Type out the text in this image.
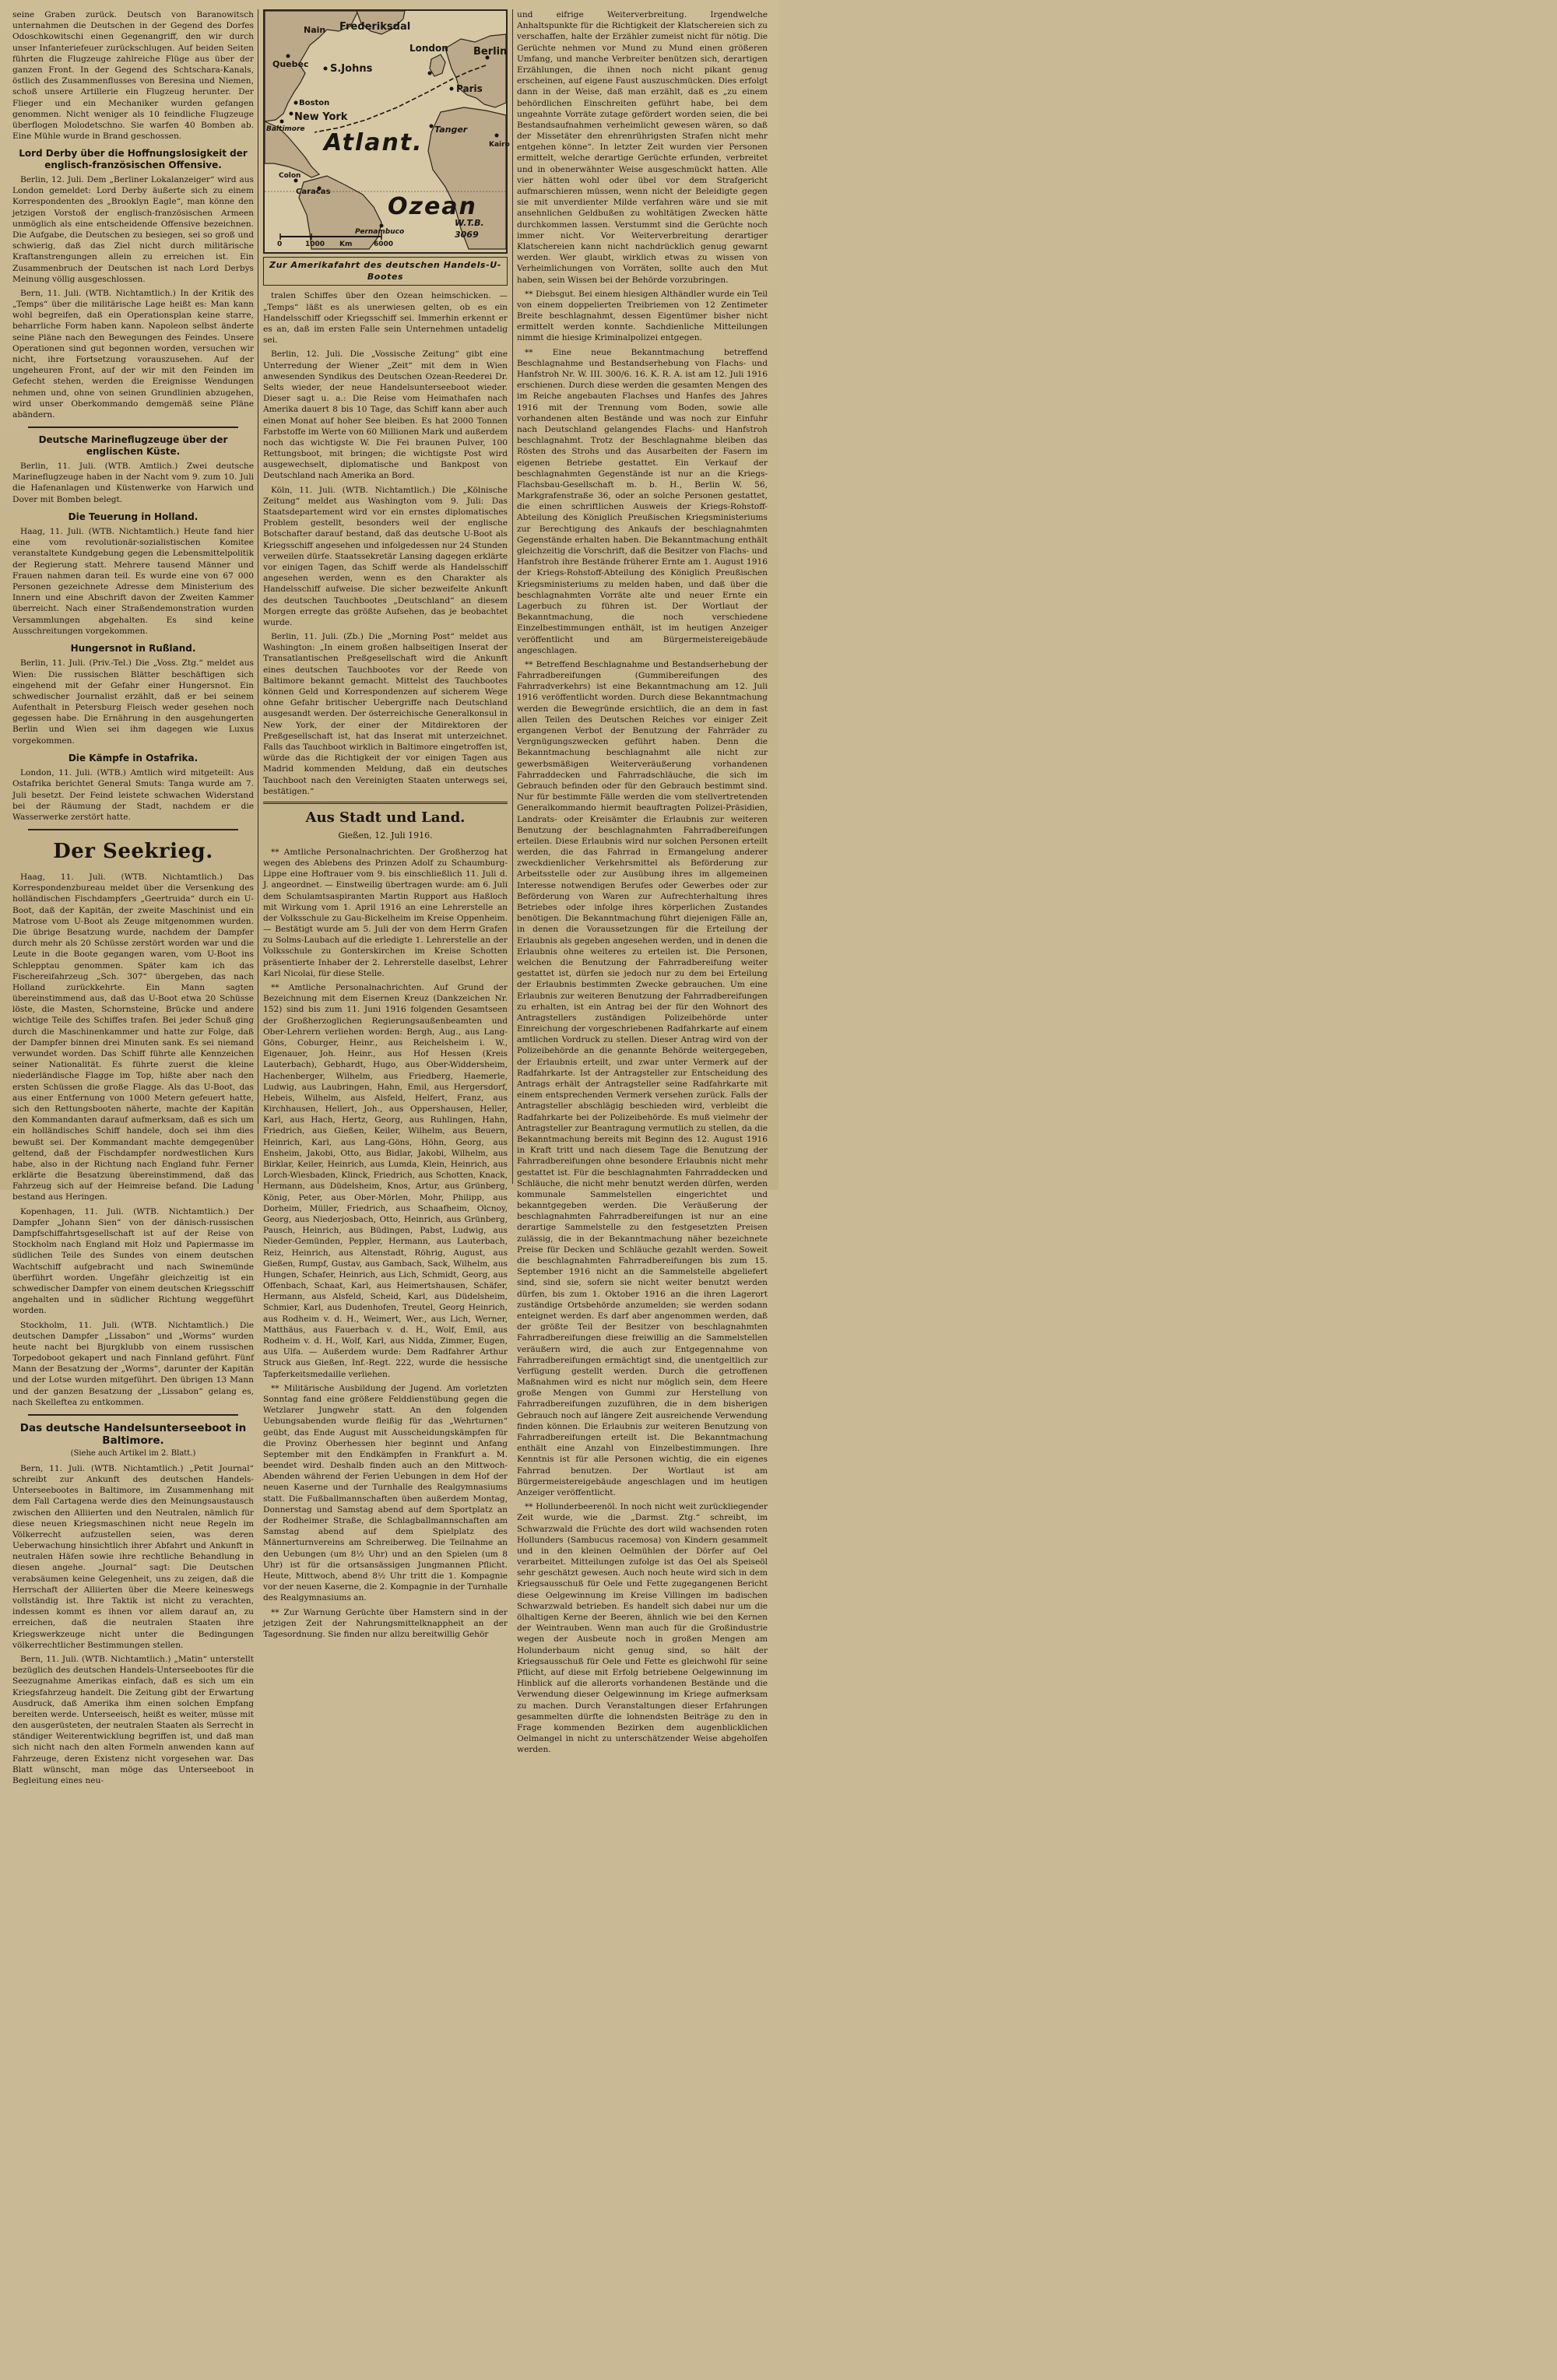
seine Graben zurück. Deutsch von Baranowitsch unternahmen die Deutschen in der Gegend des Dorfes Odoschkowitschi einen Gegenangriff, den wir durch unser Infanteriefeuer zurückschlugen. Auf beiden Seiten führten die Flugzeuge zahlreiche Flüge aus über der ganzen Front. In der Gegend des Schtschara-Kanals, östlich des Zusammenflusses von Beresina und Niemen, schoß unsere Artillerie ein Flugzeug herunter. Der Flieger und ein Mechaniker wurden gefangen genommen. Nicht weniger als 10 feindliche Flugzeuge überflogen Molodetschno. Sie warfen 40 Bomben ab. Eine Mühle wurde in Brand geschossen.

Lord Derby über die Hoffnungslosigkeit der englisch-französischen Offensive.

Berlin, 12. Juli. Dem „Berliner Lokalanzeiger“ wird aus London gemeldet: Lord Derby äußerte sich zu einem Korrespondenten des „Brooklyn Eagle“, man könne den jetzigen Vorstoß der englisch-französischen Armeen unmöglich als eine entscheidende Offensive bezeichnen. Die Aufgabe, die Deutschen zu besiegen, sei so groß und schwierig, daß das Ziel nicht durch militärische Kraftanstrengungen allein zu erreichen ist. Ein Zusammenbruch der Deutschen ist nach Lord Derbys Meinung völlig ausgeschlossen.

Bern, 11. Juli. (WTB. Nichtamtlich.) In der Kritik des „Temps“ über die militärische Lage heißt es: Man kann wohl begreifen, daß ein Operationsplan keine starre, beharrliche Form haben kann. Napoleon selbst änderte seine Pläne nach den Bewegungen des Feindes. Unsere Operationen sind gut begonnen worden, versuchen wir nicht, ihre Fortsetzung vorauszusehen. Auf der ungeheuren Front, auf der wir mit den Feinden im Gefecht stehen, werden die Ereignisse Wendungen nehmen und, ohne von seinen Grundlinien abzugehen, wird unser Oberkommando demgemäß seine Pläne abändern.

Deutsche Marineflugzeuge über der englischen Küste.

Berlin, 11. Juli. (WTB. Amtlich.) Zwei deutsche Marineflugzeuge haben in der Nacht vom 9. zum 10. Juli die Hafenanlagen und Küstenwerke von Harwich und Dover mit Bomben belegt.

Die Teuerung in Holland.

Haag, 11. Juli. (WTB. Nichtamtlich.) Heute fand hier eine vom revolutionär-sozialistischen Komitee veranstaltete Kundgebung gegen die Lebensmittelpolitik der Regierung statt. Mehrere tausend Männer und Frauen nahmen daran teil. Es wurde eine von 67 000 Personen gezeichnete Adresse dem Ministerium des Innern und eine Abschrift davon der Zweiten Kammer überreicht. Nach einer Straßendemonstration wurden Versammlungen abgehalten. Es sind keine Ausschreitungen vorgekommen.

Hungersnot in Rußland.

Berlin, 11. Juli. (Priv.-Tel.) Die „Voss. Ztg.“ meldet aus Wien: Die russischen Blätter beschäftigen sich eingehend mit der Gefahr einer Hungersnot. Ein schwedischer Journalist erzählt, daß er bei seinem Aufenthalt in Petersburg Fleisch weder gesehen noch gegessen habe. Die Ernährung in den ausgehungerten Berlin und Wien sei ihm dagegen wie Luxus vorgekommen.

Die Kämpfe in Ostafrika.

London, 11. Juli. (WTB.) Amtlich wird mitgeteilt: Aus Ostafrika berichtet General Smuts: Tanga wurde am 7. Juli besetzt. Der Feind leistete schwachen Widerstand bei der Räumung der Stadt, nachdem er die Wasserwerke zerstört hatte.

Der Seekrieg.

Haag, 11. Juli. (WTB. Nichtamtlich.) Das Korrespondenzbureau meldet über die Versenkung des holländischen Fischdampfers „Geertruida“ durch ein U-Boot, daß der Kapitän, der zweite Maschinist und ein Matrose vom U-Boot als Zeuge mitgenommen wurden. Die übrige Besatzung wurde, nachdem der Dampfer durch mehr als 20 Schüsse zerstört worden war und die Leute in die Boote gegangen waren, vom U-Boot ins Schlepptau genommen. Später kam ich das Fischereifahrzeug „Sch. 307“ übergeben, das nach Holland zurückkehrte. Ein Mann sagten übereinstimmend aus, daß das U-Boot etwa 20 Schüsse löste, die Masten, Schornsteine, Brücke und andere wichtige Teile des Schiffes trafen. Bei jeder Schuß ging durch die Maschinenkammer und hatte zur Folge, daß der Dampfer binnen drei Minuten sank. Es sei niemand verwundet worden. Das Schiff führte alle Kennzeichen seiner Nationalität. Es führte zuerst die kleine niederländische Flagge im Top, hißte aber nach den ersten Schüssen die große Flagge. Als das U-Boot, das aus einer Entfernung von 1000 Metern gefeuert hatte, sich den Rettungsbooten näherte, machte der Kapitän den Kommandanten darauf aufmerksam, daß es sich um ein holländisches Schiff handele, doch sei ihm dies bewußt sei. Der Kommandant machte demgegenüber geltend, daß der Fischdampfer nordwestlichen Kurs habe, also in der Richtung nach England fuhr. Ferner erklärte die Besatzung übereinstimmend, daß das Fahrzeug sich auf der Heimreise befand. Die Ladung bestand aus Heringen.

Kopenhagen, 11. Juli. (WTB. Nichtamtlich.) Der Dampfer „Johann Sien“ von der dänisch-russischen Dampfschiffahrtsgesellschaft ist auf der Reise von Stockholm nach England mit Holz und Papiermasse im südlichen Teile des Sundes von einem deutschen Wachtschiff aufgebracht und nach Swinemünde überführt worden. Ungefähr gleichzeitig ist ein schwedischer Dampfer von einem deutschen Kriegsschiff angehalten und in südlicher Richtung weggeführt worden.

Stockholm, 11. Juli. (WTB. Nichtamtlich.) Die deutschen Dampfer „Lissabon“ und „Worms“ wurden heute nacht bei Bjurgklubb von einem russischen Torpedoboot gekapert und nach Finnland geführt. Fünf Mann der Besatzung der „Worms“, darunter der Kapitän und der Lotse wurden mitgeführt. Den übrigen 13 Mann und der ganzen Besatzung der „Lissabon“ gelang es, nach Skelleftea zu entkommen.

Das deutsche Handelsunterseeboot in Baltimore.
(Siehe auch Artikel im 2. Blatt.)

Bern, 11. Juli. (WTB. Nichtamtlich.) „Petit Journal“ schreibt zur Ankunft des deutschen Handels-Unterseebootes in Baltimore, im Zusammenhang mit dem Fall Cartagena werde dies den Meinungsaustausch zwischen den Alliierten und den Neutralen, nämlich für diese neuen Kriegsmaschinen nicht neue Regeln im Völkerrecht aufzustellen seien, was deren Ueberwachung hinsichtlich ihrer Abfahrt und Ankunft in neutralen Häfen sowie ihre rechtliche Behandlung in diesen angehe. „Journal“ sagt: Die Deutschen verabsäumen keine Gelegenheit, uns zu zeigen, daß die Herrschaft der Alliierten über die Meere keineswegs vollständig ist. Ihre Taktik ist nicht zu verachten, indessen kommt es ihnen vor allem darauf an, zu erreichen, daß die neutralen Staaten ihre Kriegswerkzeuge nicht unter die Bedingungen völkerrechtlicher Bestimmungen stellen.

Bern, 11. Juli. (WTB. Nichtamtlich.) „Matin“ unterstellt bezüglich des deutschen Handels-Unterseebootes für die Seezugnahme Amerikas einfach, daß es sich um ein Kriegsfahrzeug handelt. Die Zeitung gibt der Erwartung Ausdruck, daß Amerika ihm einen solchen Empfang bereiten werde. Unterseeisch, heißt es weiter, müsse mit den ausgerüsteten, der neutralen Staaten als Serrecht in ständiger Weiterentwicklung begriffen ist, und daß man sich nicht nach den alten Formeln anwenden kann auf Fahrzeuge, deren Existenz nicht vorgesehen war. Das Blatt wünscht, man möge das Unterseeboot in Begleitung eines neu-

Nain Frederiksdal
Quebec S.Johns
London Berlin
Paris
Boston
New York
Baltimore Atlant. Tanger
Kairo
Colon
Caracas
Ozean
Pernambuco
0	1000 Km	6000
W.T.B. 3069
Zur Amerikafahrt des deutschen Handels-U-Bootes

tralen Schiffes über den Ozean heimschicken. — „Temps“ läßt es als unerwiesen gelten, ob es ein Handelsschiff oder Kriegsschiff sei. Immerhin erkennt er es an, daß im ersten Falle sein Unternehmen untadelig sei.

Berlin, 12. Juli. Die „Vossische Zeitung“ gibt eine Unterredung der Wiener „Zeit“ mit dem in Wien anwesenden Syndikus des Deutschen Ozean-Reederei Dr. Selts wieder, der neue Handelsunterseeboot wieder. Dieser sagt u. a.: Die Reise vom Heimathafen nach Amerika dauert 8 bis 10 Tage, das Schiff kann aber auch einen Monat auf hoher See bleiben. Es hat 2000 Tonnen Farbstoffe im Werte von 60 Millionen Mark und außerdem noch das wichtigste W. Die Fei braunen Pulver, 100 Rettungsboot, mit bringen; die wichtigste Post wird ausgewechselt, diplomatische und Bankpost von Deutschland nach Amerika an Bord.

Köln, 11. Juli. (WTB. Nichtamtlich.) Die „Kölnische Zeitung“ meldet aus Washington vom 9. Juli: Das Staatsdepartement wird vor ein ernstes diplomatisches Problem gestellt, besonders weil der englische Botschafter darauf bestand, daß das deutsche U-Boot als Kriegsschiff angesehen und infolgedessen nur 24 Stunden verweilen dürfe. Staatssekretär Lansing dagegen erklärte vor einigen Tagen, das Schiff werde als Handelsschiff angesehen werden, wenn es den Charakter als Handelsschiff aufweise. Die sicher bezweifelte Ankunft des deutschen Tauchbootes „Deutschland“ an diesem Morgen erregte das größte Aufsehen, das je beobachtet wurde.

Berlin, 11. Juli. (Zb.) Die „Morning Post“ meldet aus Washington: „In einem großen halbseitigen Inserat der Transatlantischen Preßgesellschaft wird die Ankunft eines deutschen Tauchbootes vor der Reede von Baltimore bekannt gemacht. Mittelst des Tauchbootes können Geld und Korrespondenzen auf sicherem Wege ohne Gefahr britischer Uebergriffe nach Deutschland ausgesandt werden. Der österreichische Generalkonsul in New York, der einer der Mitdirektoren der Preßgesellschaft ist, hat das Inserat mit unterzeichnet. Falls das Tauchboot wirklich in Baltimore eingetroffen ist, würde das die Richtigkeit der vor einigen Tagen aus Madrid kommenden Meldung, daß ein deutsches Tauchboot nach den Vereinigten Staaten unterwegs sei, bestätigen.“

Aus Stadt und Land.
Gießen, 12. Juli 1916.

** Amtliche Personalnachrichten. Der Großherzog hat wegen des Ablebens des Prinzen Adolf zu Schaumburg-Lippe eine Hoftrauer vom 9. bis einschließlich 11. Juli d. J. angeordnet. — Einstweilig übertragen wurde: am 6. Juli dem Schulamtsaspiranten Martin Rupport aus Haßloch mit Wirkung vom 1. April 1916 an eine Lehrerstelle an der Volksschule zu Gau-Bickelheim im Kreise Oppenheim. — Bestätigt wurde am 5. Juli der von dem Herrn Grafen zu Solms-Laubach auf die erledigte 1. Lehrerstelle an der Volksschule zu Gonterskirchen im Kreise Schotten präsentierte Inhaber der 2. Lehrerstelle daselbst, Lehrer Karl Nicolai, für diese Stelle.

** Amtliche Personalnachrichten. Auf Grund der Bezeichnung mit dem Eisernen Kreuz (Dankzeichen Nr. 152) sind bis zum 11. Juni 1916 folgenden Gesamtseen der Großherzoglichen Regierungsaußenbeamten und Ober-Lehrern verliehen worden: Bergh, Aug., aus Lang-Göns, Coburger, Heinr., aus Reichelsheim i. W., Eigenauer, Joh. Heinr., aus Hof Hessen (Kreis Lauterbach), Gebhardt, Hugo, aus Ober-Widdersheim, Hachenberger, Wilhelm, aus Friedberg, Haemerle, Ludwig, aus Laubringen, Hahn, Emil, aus Hergersdorf, Hebeis, Wilhelm, aus Alsfeld, Helfert, Franz, aus Kirchhausen, Hellert, Joh., aus Oppershausen, Heller, Karl, aus Hach, Hertz, Georg, aus Ruhlingen, Hahn, Friedrich, aus Gießen, Keiler, Wilhelm, aus Beuern, Heinrich, Karl, aus Lang-Göns, Höhn, Georg, aus Ensheim, Jakobi, Otto, aus Bidlar, Jakobi, Wilhelm, aus Birklar, Keiler, Heinrich, aus Lumda, Klein, Heinrich, aus Lorch-Wiesbaden, Klinck, Friedrich, aus Schotten, Knack, Hermann, aus Düdelsheim, Knos, Artur, aus Grünberg, König, Peter, aus Ober-Mörlen, Mohr, Philipp, aus Dorheim, Müller, Friedrich, aus Schaafheim, Olcnoy, Georg, aus Niederjosbach, Otto, Heinrich, aus Grünberg, Pausch, Heinrich, aus Büdingen, Pabst, Ludwig, aus Nieder-Gemünden, Peppler, Hermann, aus Lauterbach, Reiz, Heinrich, aus Altenstadt, Röhrig, August, aus Gießen, Rumpf, Gustav, aus Gambach, Sack, Wilhelm, aus Hungen, Schafer, Heinrich, aus Lich, Schmidt, Georg, aus Offenbach, Schaat, Karl, aus Heimertshausen, Schäfer, Hermann, aus Alsfeld, Scheid, Karl, aus Düdelsheim, Schmier, Karl, aus Dudenhofen, Treutel, Georg Heinrich, aus Rodheim v. d. H., Weimert, Wer., aus Lich, Werner, Matthäus, aus Fauerbach v. d. H., Wolf, Emil, aus Rodheim v. d. H., Wolf, Karl, aus Nidda, Zimmer, Eugen, aus Ulfa. — Außerdem wurde: Dem Radfahrer Arthur Struck aus Gießen, Inf.-Regt. 222, wurde die hessische Tapferkeitsmedaille verliehen.

** Militärische Ausbildung der Jugend. Am vorletzten Sonntag fand eine größere Felddienstübung gegen die Wetzlarer Jungwehr statt. An den folgenden Uebungsabenden wurde fleißig für das „Wehrturnen“ geübt, das Ende August mit Ausscheidungskämpfen für die Provinz Oberhessen hier beginnt und Anfang September mit den Endkämpfen in Frankfurt a. M. beendet wird. Deshalb finden auch an den Mittwoch-Abenden während der Ferien Uebungen in dem Hof der neuen Kaserne und der Turnhalle des Realgymnasiums statt. Die Fußballmannschaften üben außerdem Montag, Donnerstag und Samstag abend auf dem Sportplatz an der Rodheimer Straße, die Schlagballmannschaften am Samstag abend auf dem Spielplatz des Männerturnvereins am Schreiberweg. Die Teilnahme an den Uebungen (um 8½ Uhr) und an den Spielen (um 8 Uhr) ist für die ortsansässigen Jungmannen Pflicht. Heute, Mittwoch, abend 8½ Uhr tritt die 1. Kompagnie vor der neuen Kaserne, die 2. Kompagnie in der Turnhalle des Realgymnasiums an.

** Zur Warnung Gerüchte über Hamstern sind in der jetzigen Zeit der Nahrungsmittelknappheit an der Tagesordnung. Sie finden nur allzu bereitwillig Gehör

und eifrige Weiterverbreitung. Irgendwelche Anhaltspunkte für die Richtigkeit der Klatschereien sich zu verschaffen, halte der Erzähler zumeist nicht für nötig. Die Gerüchte nehmen vor Mund zu Mund einen größeren Umfang, und manche Verbreiter benützen sich, derartigen Erzählungen, die ihnen noch nicht pikant genug erscheinen, auf eigene Faust auszuschmücken. Dies erfolgt dann in der Weise, daß man erzählt, daß es „zu einem behördlichen Einschreiten geführt habe, bei dem ungeahnte Vorräte zutage gefördert worden seien, die bei Bestandsaufnahmen verheimlicht gewesen wären, so daß der Missetäter den ehrenrührigsten Strafen nicht mehr entgehen könne“. In letzter Zeit wurden vier Personen ermittelt, welche derartige Gerüchte erfunden, verbreitet und in obenerwähnter Weise ausgeschmückt hatten. Alle vier hätten wohl oder übel vor dem Strafgericht aufmarschieren müssen, wenn nicht der Beleidigte gegen sie mit unverdienter Milde verfahren wäre und sie mit ansehnlichen Geldbußen zu wohltätigen Zwecken hätte durchkommen lassen. Verstummt sind die Gerüchte noch immer nicht. Vor Weiterverbreitung derartiger Klatschereien kann nicht nachdrücklich genug gewarnt werden. Wer glaubt, wirklich etwas zu wissen von Verheimlichungen von Vorräten, sollte auch den Mut haben, sein Wissen bei der Behörde vorzubringen.

** Diebsgut. Bei einem hiesigen Althändler wurde ein Teil von einem doppelierten Treibriemen von 12 Zentimeter Breite beschlagnahmt, dessen Eigentümer bisher nicht ermittelt werden konnte. Sachdienliche Mitteilungen nimmt die hiesige Kriminalpolizei entgegen.

** Eine neue Bekanntmachung betreffend Beschlagnahme und Bestandserhebung von Flachs- und Hanfstroh Nr. W. III. 300/6. 16. K. R. A. ist am 12. Juli 1916 erschienen. Durch diese werden die gesamten Mengen des im Reiche angebauten Flachses und Hanfes des Jahres 1916 mit der Trennung vom Boden, sowie alle vorhandenen alten Bestände und was noch zur Einfuhr nach Deutschland gelangendes Flachs- und Hanfstroh beschlagnahmt. Trotz der Beschlagnahme bleiben das Rösten des Strohs und das Ausarbeiten der Fasern im eigenen Betriebe gestattet. Ein Verkauf der beschlagnahmten Gegenstände ist nur an die Kriegs-Flachsbau-Gesellschaft m. b. H., Berlin W. 56, Markgrafenstraße 36, oder an solche Personen gestattet, die einen schriftlichen Ausweis der Kriegs-Rohstoff-Abteilung des Königlich Preußischen Kriegsministeriums zur Berechtigung des Ankaufs der beschlagnahmten Gegenstände erhalten haben. Die Bekanntmachung enthält gleichzeitig die Vorschrift, daß die Besitzer von Flachs- und Hanfstroh ihre Bestände früherer Ernte am 1. August 1916 der Kriegs-Rohstoff-Abteilung des Königlich Preußischen Kriegsministeriums zu melden haben, und daß über die beschlagnahmten Vorräte alte und neuer Ernte ein Lagerbuch zu führen ist. Der Wortlaut der Bekanntmachung, die noch verschiedene Einzelbestimmungen enthält, ist im heutigen Anzeiger veröffentlicht und am Bürgermeistereigebäude angeschlagen.

** Betreffend Beschlagnahme und Bestandserhebung der Fahrradbereifungen (Gummibereifungen des Fahrradverkehrs) ist eine Bekanntmachung am 12. Juli 1916 veröffentlicht worden. Durch diese Bekanntmachung werden die Bewegründe ersichtlich, die an dem in fast allen Teilen des Deutschen Reiches vor einiger Zeit ergangenen Verbot der Benutzung der Fahrräder zu Vergnügungszwecken geführt haben. Denn die Bekanntmachung beschlagnahmt alle nicht zur gewerbsmäßigen Weiterveräußerung vorhandenen Fahrraddecken und Fahrradschläuche, die sich im Gebrauch befinden oder für den Gebrauch bestimmt sind. Nur für bestimmte Fälle werden die vom stellvertretenden Generalkommando hiermit beauftragten Polizei-Präsidien, Landrats- oder Kreisämter die Erlaubnis zur weiteren Benutzung der beschlagnahmten Fahrradbereifungen erteilen. Diese Erlaubnis wird nur solchen Personen erteilt werden, die das Fahrrad in Ermangelung anderer zweckdienlicher Verkehrsmittel als Beförderung zur Arbeitsstelle oder zur Ausübung ihres im allgemeinen Interesse notwendigen Berufes oder Gewerbes oder zur Beförderung von Waren zur Aufrechterhaltung ihres Betriebes oder infolge ihres körperlichen Zustandes benötigen. Die Bekanntmachung führt diejenigen Fälle an, in denen die Voraussetzungen für die Erteilung der Erlaubnis als gegeben angesehen werden, und in denen die Erlaubnis ohne weiteres zu erteilen ist. Die Personen, welchen die Benutzung der Fahrradbereifung weiter gestattet ist, dürfen sie jedoch nur zu dem bei Erteilung der Erlaubnis bestimmten Zwecke gebrauchen. Um eine Erlaubnis zur weiteren Benutzung der Fahrradbereifungen zu erhalten, ist ein Antrag bei der für den Wohnort des Antragstellers zuständigen Polizeibehörde unter Einreichung der vorgeschriebenen Radfahrkarte auf einem amtlichen Vordruck zu stellen. Dieser Antrag wird von der Polizeibehörde an die genannte Behörde weitergegeben, der Erlaubnis erteilt, und zwar unter Vermerk auf der Radfahrkarte. Ist der Antragsteller zur Entscheidung des Antrags erhält der Antragsteller seine Radfahrkarte mit einem entsprechenden Vermerk versehen zurück. Falls der Antragsteller abschlägig beschieden wird, verbleibt die Radfahrkarte bei der Polizeibehörde. Es muß vielmehr der Antragsteller zur Beantragung vermutlich zu stellen, da die Bekanntmachung bereits mit Beginn des 12. August 1916 in Kraft tritt und nach diesem Tage die Benutzung der Fahrradbereifungen ohne besondere Erlaubnis nicht mehr gestattet ist. Für die beschlagnahmten Fahrraddecken und Schläuche, die nicht mehr benutzt werden dürfen, werden kommunale Sammelstellen eingerichtet und bekanntgegeben werden. Die Veräußerung der beschlagnahmten Fahrradbereifungen ist nur an eine derartige Sammelstelle zu den festgesetzten Preisen zulässig, die in der Bekanntmachung näher bezeichnete Preise für Decken und Schläuche gezahlt werden. Soweit die beschlagnahmten Fahrradbereifungen bis zum 15. September 1916 nicht an die Sammelstelle abgeliefert sind, sind sie, sofern sie nicht weiter benutzt werden dürfen, bis zum 1. Oktober 1916 an die ihren Lagerort zuständige Ortsbehörde anzumelden; sie werden sodann enteignet werden. Es darf aber angenommen werden, daß der größte Teil der Besitzer von beschlagnahmten Fahrradbereifungen diese freiwillig an die Sammelstellen veräußern wird, die auch zur Entgegennahme von Fahrradbereifungen ermächtigt sind, die unentgeltlich zur Verfügung gestellt werden. Durch die getroffenen Maßnahmen wird es nicht nur möglich sein, dem Heere große Mengen von Gummi zur Herstellung von Fahrradbereifungen zuzuführen, die in dem bisherigen Gebrauch noch auf längere Zeit ausreichende Verwendung finden können. Die Erlaubnis zur weiteren Benutzung von Fahrradbereifungen erteilt ist. Die Bekanntmachung enthält eine Anzahl von Einzelbestimmungen. Ihre Kenntnis ist für alle Personen wichtig, die ein eigenes Fahrrad benutzen. Der Wortlaut ist am Bürgermeistereigebäude angeschlagen und im heutigen Anzeiger veröffentlicht.

** Hollunderbeerenöl. In noch nicht weit zurückliegender Zeit wurde, wie die „Darmst. Ztg.“ schreibt, im Schwarzwald die Früchte des dort wild wachsenden roten Hollunders (Sambucus racemosa) von Kindern gesammelt und in den kleinen Oelmühlen der Dörfer auf Oel verarbeitet. Mitteilungen zufolge ist das Oel als Speiseöl sehr geschätzt gewesen. Auch noch heute wird sich in dem Kriegsausschuß für Oele und Fette zugegangenen Bericht diese Oelgewinnung im Kreise Villingen im badischen Schwarzwald betrieben. Es handelt sich dabei nur um die ölhaltigen Kerne der Beeren, ähnlich wie bei den Kernen der Weintrauben. Wenn man auch für die Großindustrie wegen der Ausbeute noch in großen Mengen am Holunderbaum nicht genug sind, so hält der Kriegsausschuß für Oele und Fette es gleichwohl für seine Pflicht, auf diese mit Erfolg betriebene Oelgewinnung im Hinblick auf die allerorts vorhandenen Bestände und die Verwendung dieser Oelgewinnung im Kriege aufmerksam zu machen. Durch Veranstaltungen dieser Erfahrungen gesammelten dürfte die lohnendsten Beiträge zu den in Frage kommenden Bezirken dem augenblicklichen Oelmangel in nicht zu unterschätzender Weise abgeholfen werden.
